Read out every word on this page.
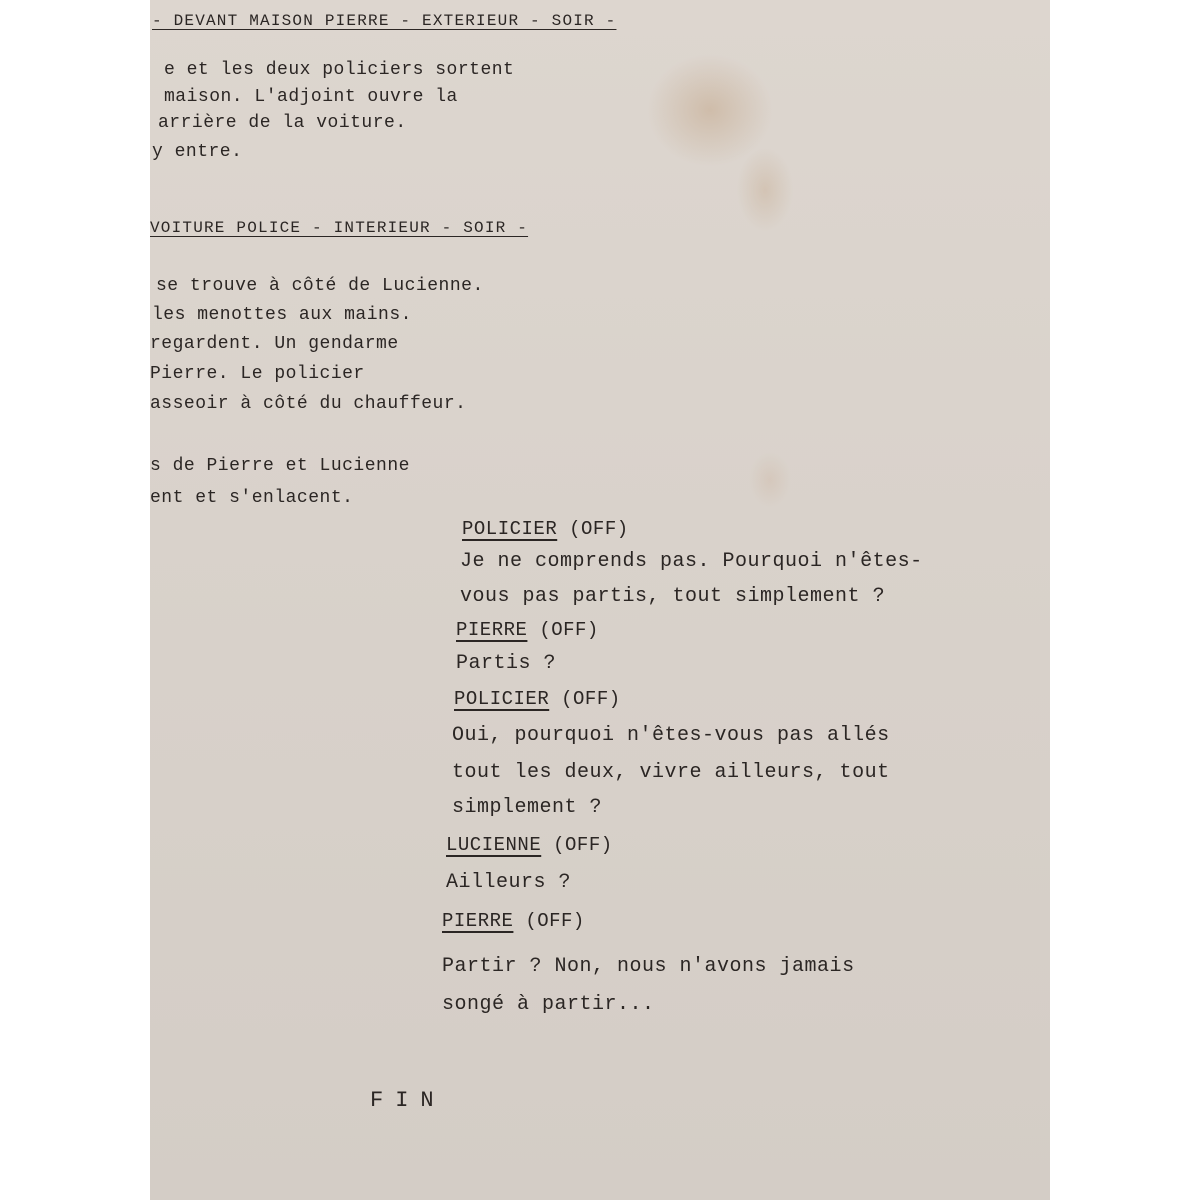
- DEVANT MAISON PIERRE - EXTERIEUR - SOIR -
e et les deux policiers sortent
maison. L'adjoint ouvre la
arrière de la voiture.
y entre.
VOITURE POLICE - INTERIEUR - SOIR -
se trouve à côté de Lucienne.
les menottes aux mains.
regardent. Un gendarme
Pierre. Le policier
asseoir à côté du chauffeur.
s de Pierre et Lucienne
ent et s'enlacent.
POLICIER (OFF)
Je ne comprends pas. Pourquoi n'êtes-
vous pas partis, tout simplement ?
PIERRE (OFF)
Partis ?
POLICIER (OFF)
Oui, pourquoi n'êtes-vous pas allés
tout les deux, vivre ailleurs, tout
simplement ?
LUCIENNE (OFF)
Ailleurs ?
PIERRE (OFF)
Partir ? Non, nous n'avons jamais
songé à partir...
FIN
